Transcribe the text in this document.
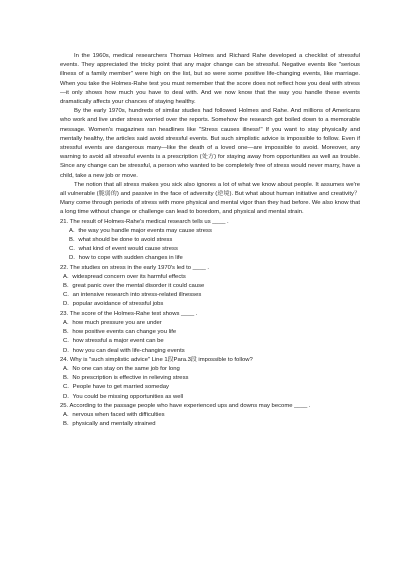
In the 1960s, medical researchers Thomas Holmes and Richard Rahe developed a checklist of stressful events. They appreciated the tricky point that any major change can be stressful. Negative events like "serious illness of a family member" were high on the list, but so were some positive life-changing events, like marriage. When you take the Holmes-Rahe test you must remember that the score does not reflect how you deal with stress—it only shows how much you have to deal with. And we now know that the way you handle these events dramatically affects your chances of staying healthy.

By the early 1970s, hundreds of similar studies had followed Holmes and Rahe. And millions of Americans who work and live under stress worried over the reports. Somehow the research got boiled down to a memorable message. Women's magazines ran headlines like "Stress causes illness!" If you want to stay physically and mentally healthy, the articles said avoid stressful events. But such simplistic advice is impossible to follow. Even if stressful events are dangerous many—like the death of a loved one—are impossible to avoid. Moreover, any warning to avoid all stressful events is a prescription (处方) for staying away from opportunities as well as trouble. Since any change can be stressful, a person who wanted to be completely free of stress would never marry, have a child, take a new job or move.

The notion that all stress makes you sick also ignores a lot of what we know about people. It assumes we're all vulnerable (脆弱的) and passive in the face of adversity (逆境). But what about human initiative and creativity？ Many come through periods of stress with more physical and mental vigor than they had before. We also know that a long time without change or challenge can lead to boredom, and physical and mental strain.

21. The result of Holmes-Rahe's medical research tells us ____ .

A．the way you handle major events may cause stress

B．what should be done to avoid stress

C．what kind of event would cause stress

D．how to cope with sudden changes in life

22. The studies on stress in the early 1970's led to ____ .

A．widespread concern over its harmful effects

B．great panic over the mental disorder it could cause

C．an intensive research into stress-related illnesses

D．popular avoidance of stressful jobs

23. The score of the Holmes-Rahe test shows ____ .

A．how much pressure you are under

B．how positive events can change you life

C．how stressful a major event can be

D．how you can deal with life-changing events

24. Why is "such simplistic advice" Line 1段Para.3段 impossible to follow?

A．No one can stay on the same job for long

B．No prescription is effective in relieving stress

C．People have to get married someday

D．You could be missing opportunities as well

25. According to the passage people who have experienced ups and downs may become ____ .

A．nervous when faced with difficulties

B．physically and mentally strained
